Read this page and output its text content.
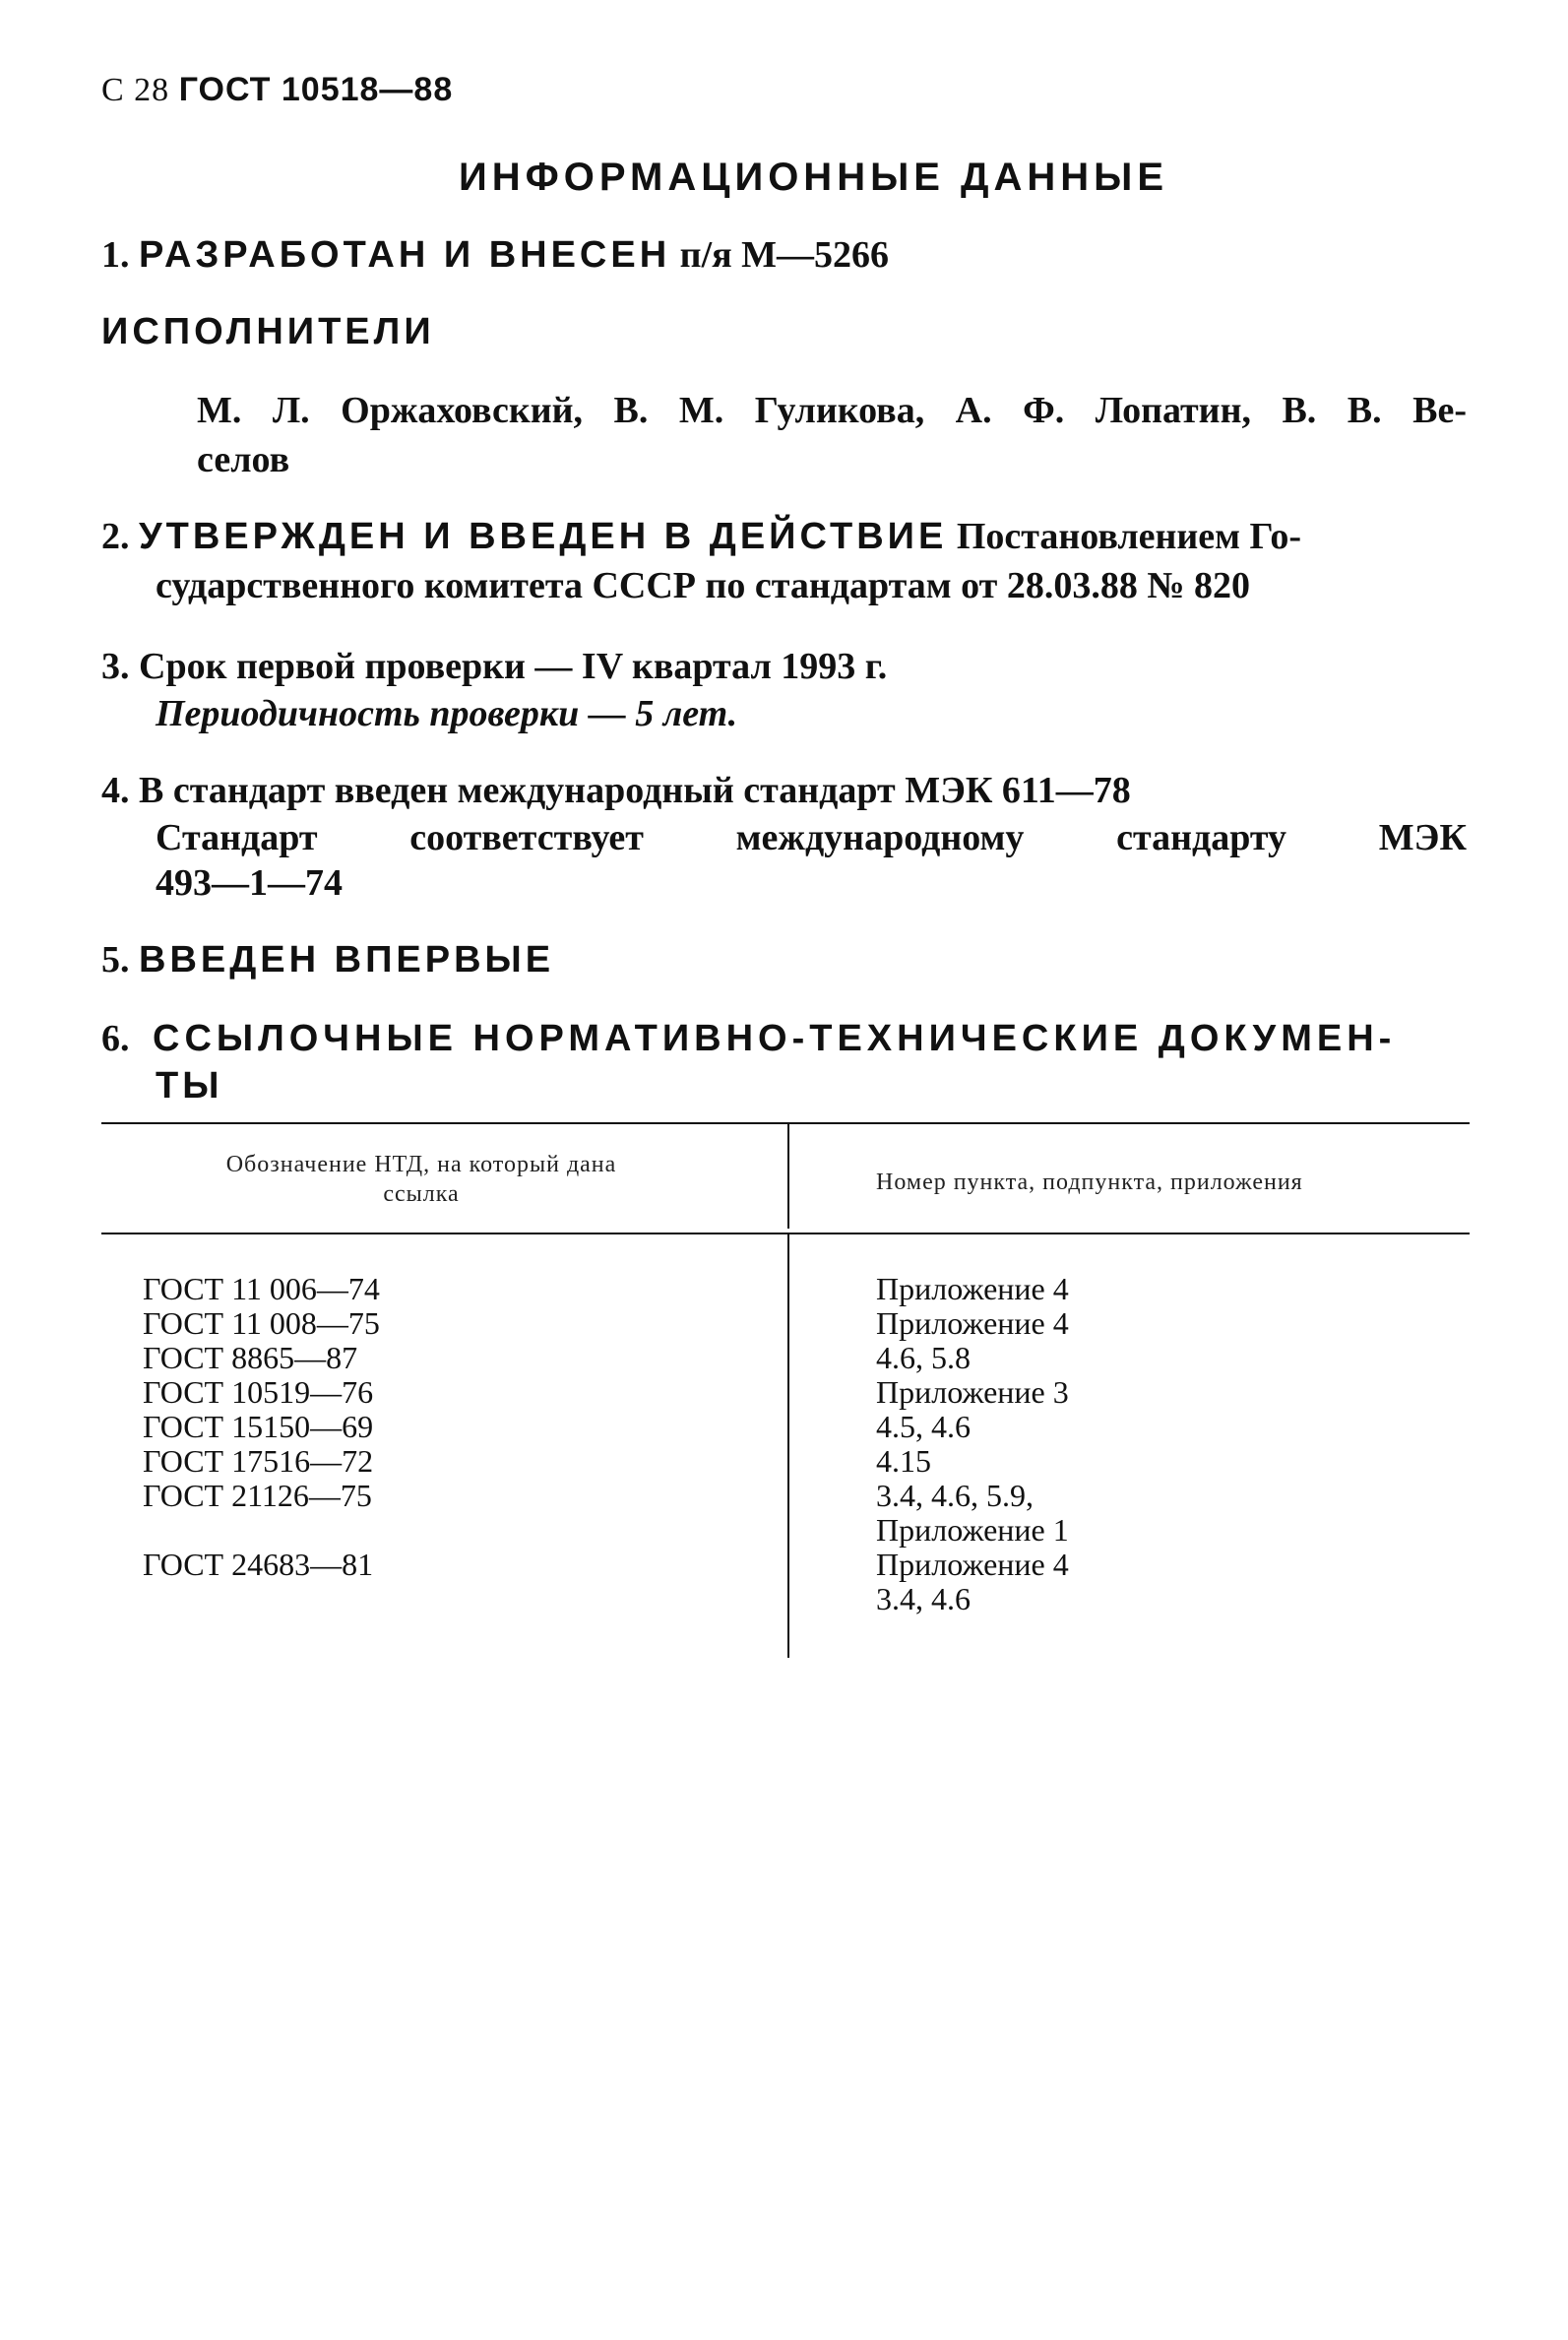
С 28 ГОСТ 10518—88
ИНФОРМАЦИОННЫЕ ДАННЫЕ
1. РАЗРАБОТАН И ВНЕСЕН п/я М—5266
ИСПОЛНИТЕЛИ
М. Л. Оржаховский, В. М. Гуликова, А. Ф. Лопатин, В. В. Ве-
селов
2. УТВЕРЖДЕН И ВВЕДЕН В ДЕЙСТВИЕ Постановлением Го-
сударственного комитета СССР по стандартам от 28.03.88 № 820
3. Срок первой проверки — IV квартал 1993 г.
Периодичность проверки — 5 лет.
4. В стандарт введен международный стандарт МЭК 611—78
Стандарт соответствует международному стандарту МЭК
493—1—74
5. ВВЕДЕН ВПЕРВЫЕ
6. ССЫЛОЧНЫЕ НОРМАТИВНО-ТЕХНИЧЕСКИЕ ДОКУМЕН-
ТЫ
Обозначение НТД, на который дана
ссылка	Номер пункта, подпункта, приложения
ГОСТ 11 006—74
ГОСТ 11 008—75
ГОСТ 8865—87
ГОСТ 10519—76
ГОСТ 15150—69
ГОСТ 17516—72
ГОСТ 21126—75
ГОСТ 24683—81
Приложение 4
Приложение 4
4.6, 5.8
Приложение 3
4.5, 4.6
4.15
3.4, 4.6, 5.9,
Приложение 1
Приложение 4
3.4, 4.6
